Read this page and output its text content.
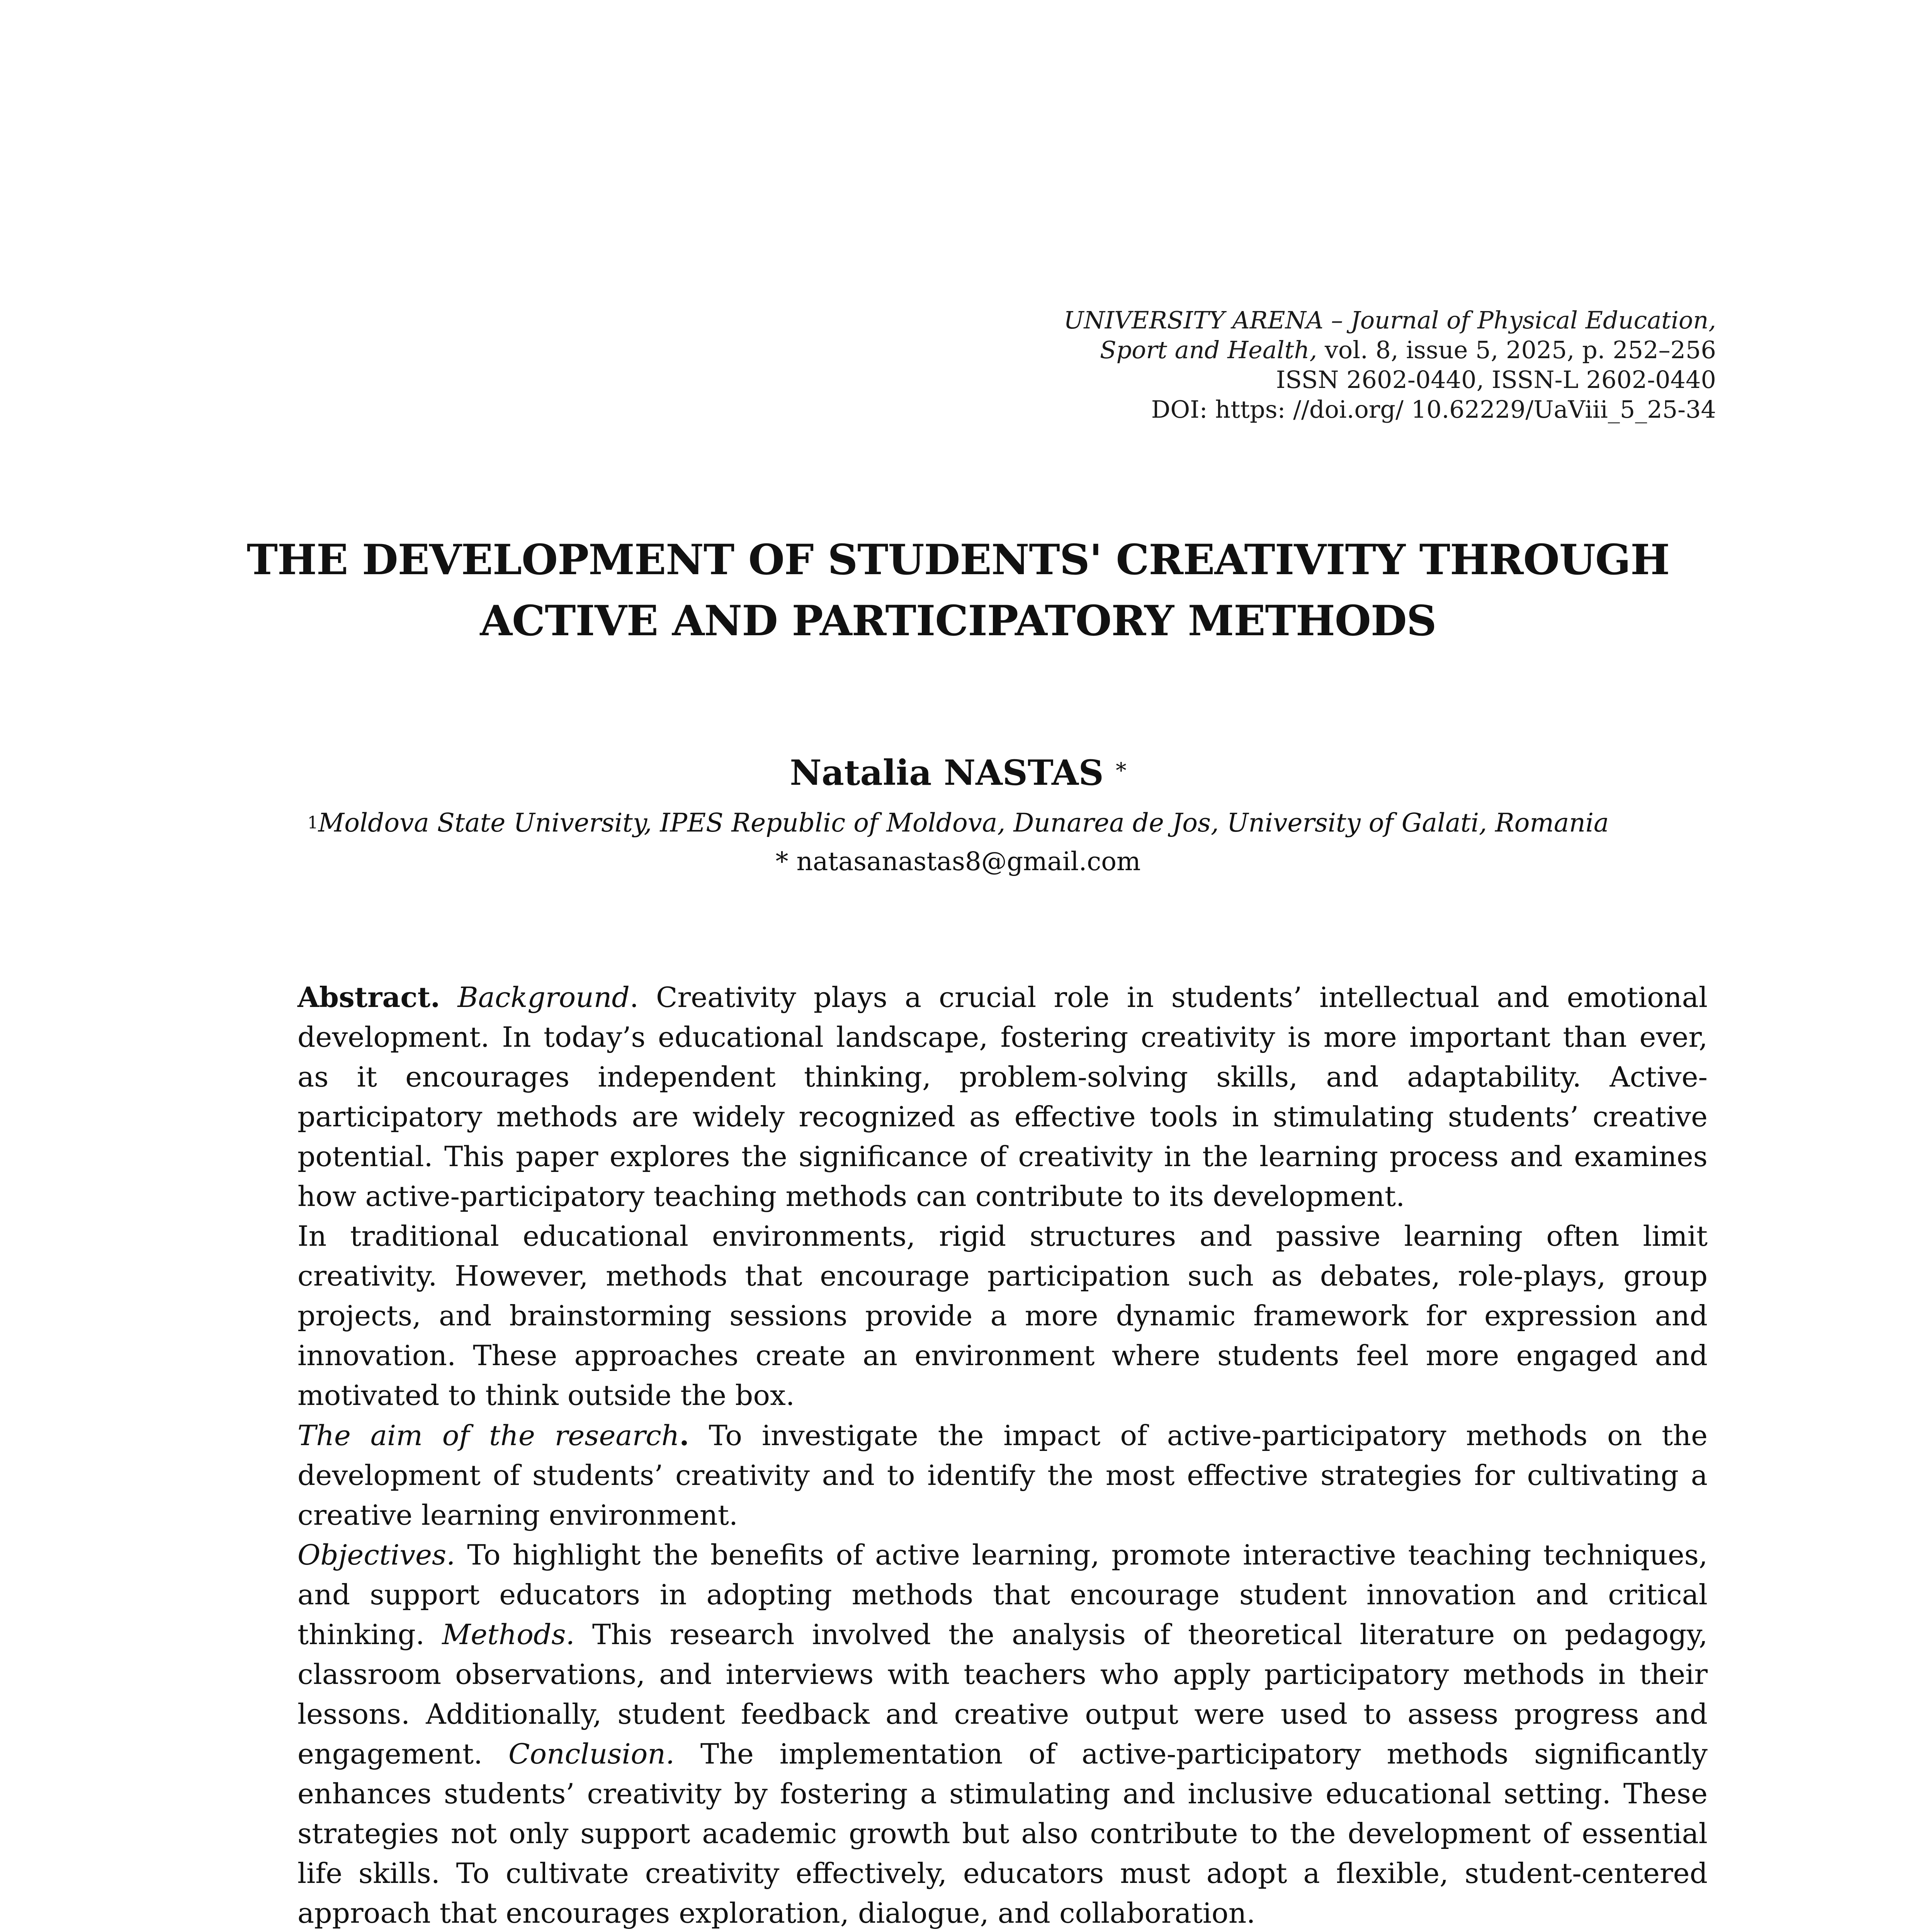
UNIVERSITY ARENA – Journal of Physical Education,
Sport and Health, vol. 8, issue 5, 2025, p. 252–256
ISSN 2602-0440, ISSN-L 2602-0440
DOI: https: //doi.org/ 10.62229/UaViii_5_25-34
THE DEVELOPMENT OF STUDENTS' CREATIVITY THROUGH ACTIVE AND PARTICIPATORY METHODS
Natalia NASTAS *
$^1$Moldova State University, IPES Republic of Moldova, Dunarea de Jos, University of Galati, Romania
* natasanastas8@gmail.com

Abstract. Background. Creativity plays a crucial role in students’ intellectual and emotional development. In today’s educational landscape, fostering creativity is more important than ever, as it encourages independent thinking, problem-solving skills, and adaptability. Active-participatory methods are widely recognized as effective tools in stimulating students’ creative potential. This paper explores the significance of creativity in the learning process and examines how active-participatory teaching methods can contribute to its development.

In traditional educational environments, rigid structures and passive learning often limit creativity. However, methods that encourage participation such as debates, role-plays, group projects, and brainstorming sessions provide a more dynamic framework for expression and innovation. These approaches create an environment where students feel more engaged and motivated to think outside the box.

The aim of the research. To investigate the impact of active-participatory methods on the development of students’ creativity and to identify the most effective strategies for cultivating a creative learning environment.

Objectives. To highlight the benefits of active learning, promote interactive teaching techniques, and support educators in adopting methods that encourage student innovation and critical thinking. Methods. This research involved the analysis of theoretical literature on pedagogy, classroom observations, and interviews with teachers who apply participatory methods in their lessons. Additionally, student feedback and creative output were used to assess progress and engagement. Conclusion. The implementation of active-participatory methods significantly enhances students’ creativity by fostering a stimulating and inclusive educational setting. These strategies not only support academic growth but also contribute to the development of essential life skills. To cultivate creativity effectively, educators must adopt a flexible, student-centered approach that encourages exploration, dialogue, and collaboration.
